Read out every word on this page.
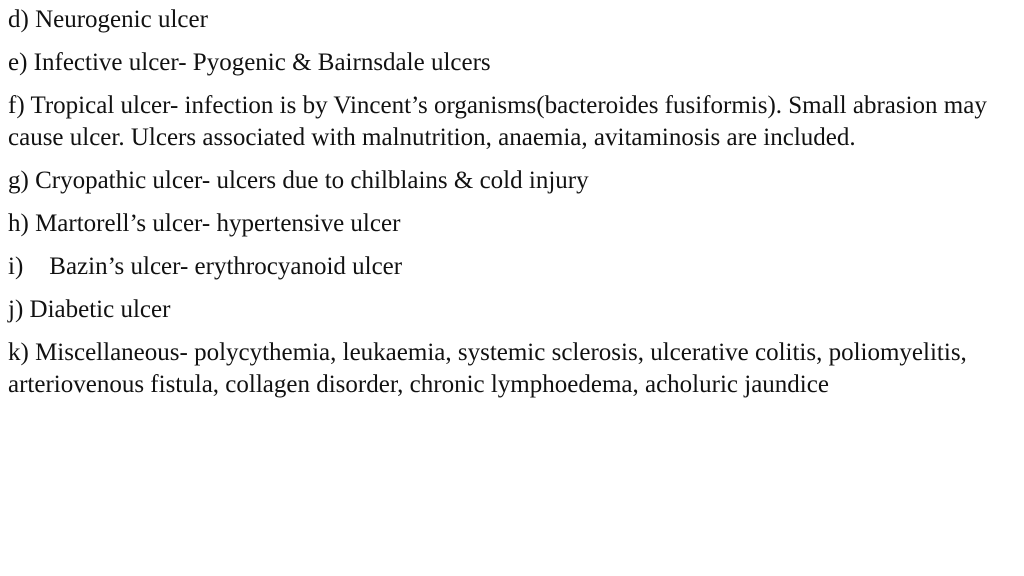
d) Neurogenic ulcer
e) Infective ulcer- Pyogenic & Bairnsdale ulcers
f) Tropical ulcer- infection is by Vincent’s organisms(bacteroides fusiformis). Small abrasion may cause ulcer. Ulcers associated with malnutrition, anaemia, avitaminosis are included.
g) Cryopathic ulcer- ulcers due to chilblains & cold injury
h) Martorell’s ulcer- hypertensive ulcer
i) Bazin’s ulcer- erythrocyanoid ulcer
j) Diabetic ulcer
k) Miscellaneous- polycythemia, leukaemia, systemic sclerosis, ulcerative colitis, poliomyelitis, arteriovenous fistula, collagen disorder, chronic lymphoedema, acholuric jaundice
